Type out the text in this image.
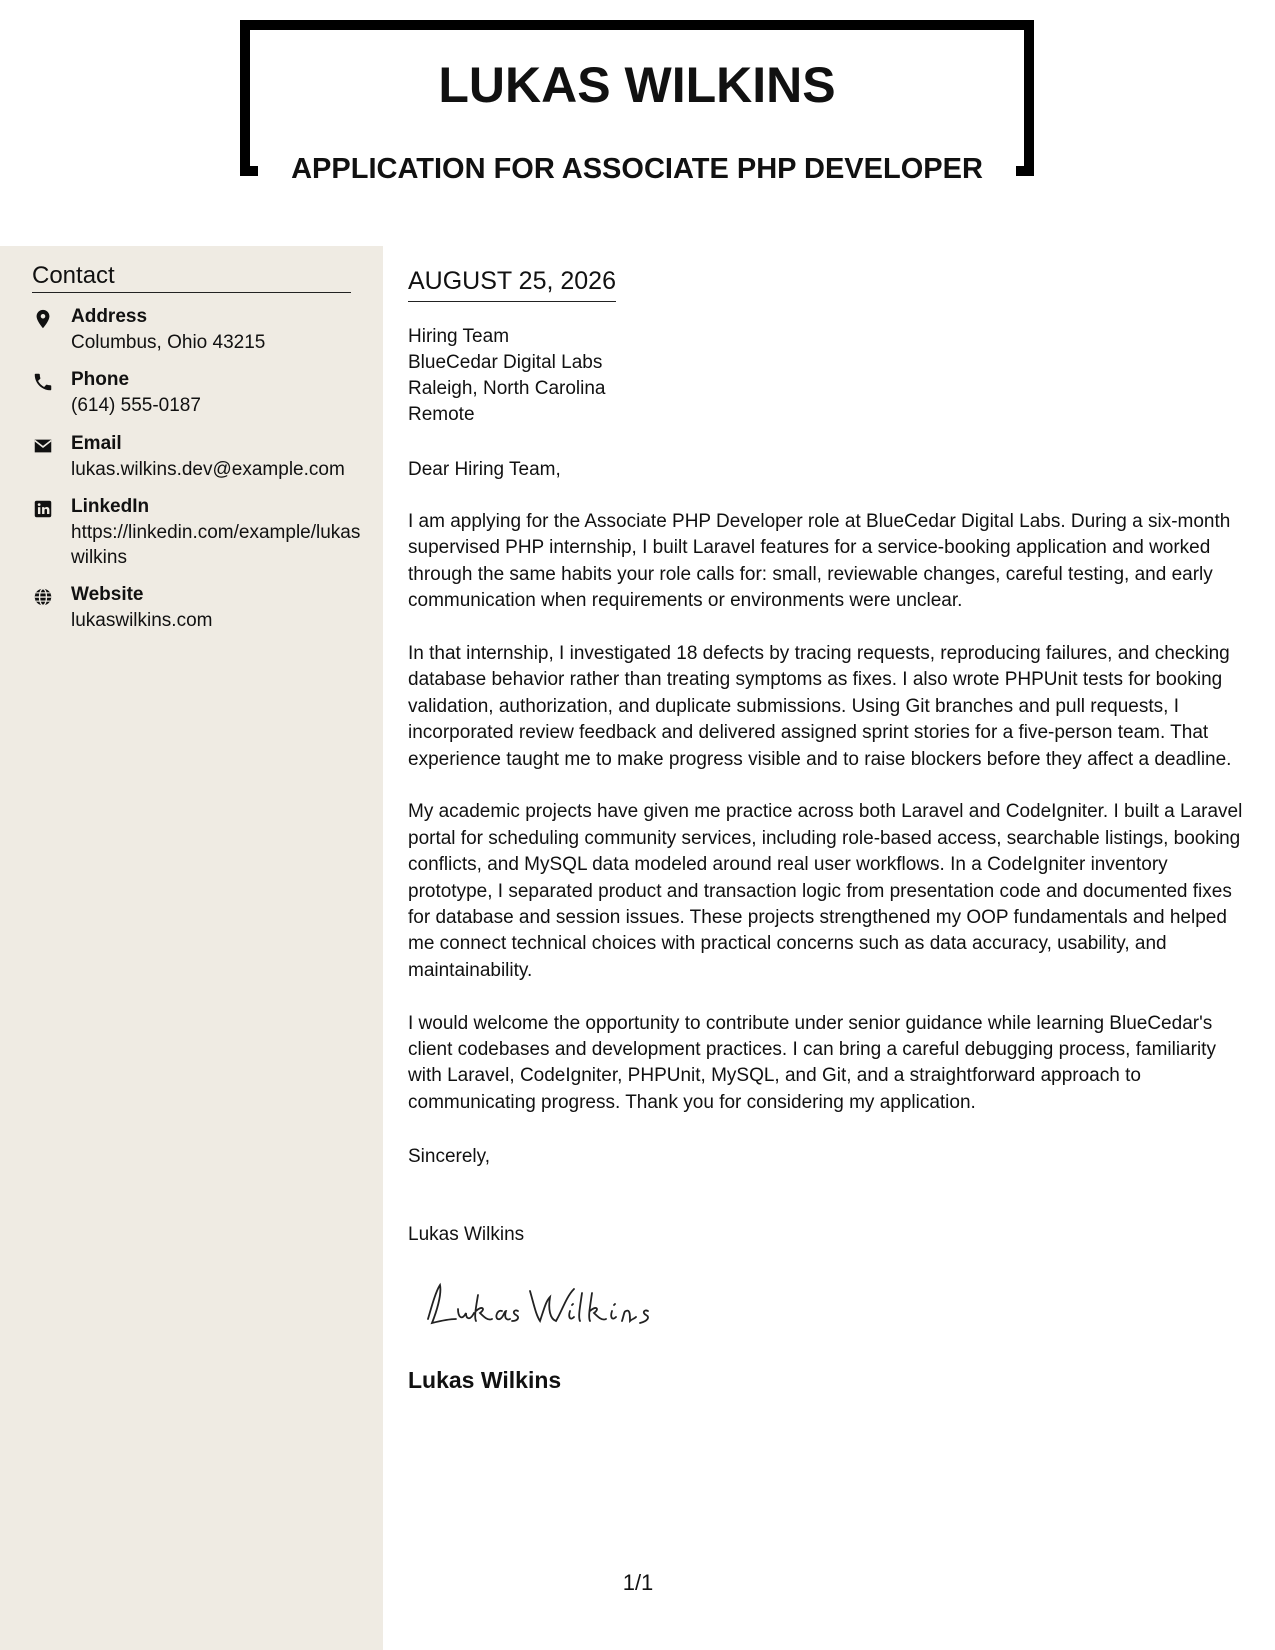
LUKAS WILKINS
APPLICATION FOR ASSOCIATE PHP DEVELOPER
Contact
Address
Columbus, Ohio 43215
Phone
(614) 555-0187
Email
lukas.wilkins.dev@example.com
LinkedIn
https://linkedin.com/example/lukaswilkins
Website
lukaswilkins.com
AUGUST 25, 2026
Hiring Team
BlueCedar Digital Labs
Raleigh, North Carolina
Remote
Dear Hiring Team,

I am applying for the Associate PHP Developer role at BlueCedar Digital Labs. During a six-month supervised PHP internship, I built Laravel features for a service-booking application and worked through the same habits your role calls for: small, reviewable changes, careful testing, and early communication when requirements or environments were unclear.

In that internship, I investigated 18 defects by tracing requests, reproducing failures, and checking database behavior rather than treating symptoms as fixes. I also wrote PHPUnit tests for booking validation, authorization, and duplicate submissions. Using Git branches and pull requests, I incorporated review feedback and delivered assigned sprint stories for a five-person team. That experience taught me to make progress visible and to raise blockers before they affect a deadline.

My academic projects have given me practice across both Laravel and CodeIgniter. I built a Laravel portal for scheduling community services, including role-based access, searchable listings, booking conflicts, and MySQL data modeled around real user workflows. In a CodeIgniter inventory prototype, I separated product and transaction logic from presentation code and documented fixes for database and session issues. These projects strengthened my OOP fundamentals and helped me connect technical choices with practical concerns such as data accuracy, usability, and maintainability.

I would welcome the opportunity to contribute under senior guidance while learning BlueCedar's client codebases and development practices. I can bring a careful debugging process, familiarity with Laravel, CodeIgniter, PHPUnit, MySQL, and Git, and a straightforward approach to communicating progress. Thank you for considering my application.

Sincerely,
Lukas Wilkins
Lukas Wilkins
1/1
